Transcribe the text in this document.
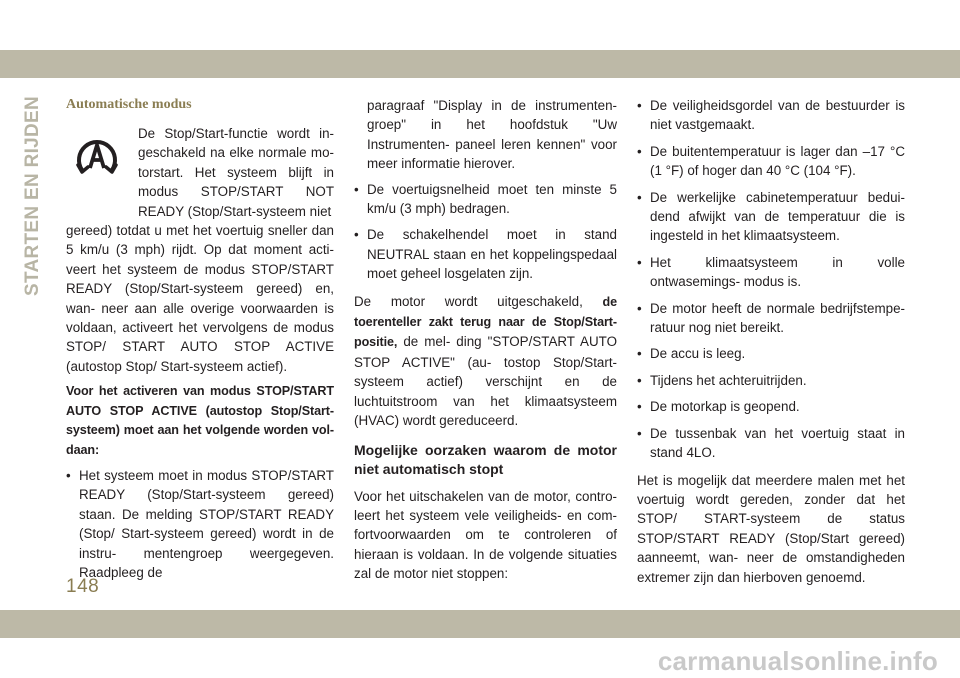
STARTEN EN RIJDEN	Automatische modus
De Stop/Start-functie wordt in- geschakeld na elke normale mo- torstart. Het systeem blijft in modus STOP/START NOT READY (Stop/Start-systeem niet

gereed) totdat u met het voertuig sneller dan 5 km/u (3 mph) rijdt. Op dat moment acti- veert het systeem de modus STOP/START READY (Stop/Start-systeem gereed) en, wan- neer aan alle overige voorwaarden is voldaan, activeert het vervolgens de modus STOP/ START AUTO STOP ACTIVE (autostop Stop/ Start-systeem actief).

Voor het activeren van modus STOP/START AUTO STOP ACTIVE (autostop Stop/Start- systeem) moet aan het volgende worden vol- daan:

• Het systeem moet in modus STOP/START READY (Stop/Start-systeem gereed) staan. De melding STOP/START READY (Stop/ Start-systeem gereed) wordt in de instru- mentengroep weergegeven. Raadpleeg de

paragraaf "Display in de instrumenten- groep" in het hoofdstuk "Uw Instrumenten- paneel leren kennen" voor meer informatie hierover.

• De voertuigsnelheid moet ten minste 5 km/u (3 mph) bedragen.
• De schakelhendel moet in stand NEUTRAL staan en het koppelingspedaal moet geheel losgelaten zijn.

De motor wordt uitgeschakeld, de toerenteller zakt terug naar de Stop/Start-positie, de mel- ding "STOP/START AUTO STOP ACTIVE" (au- tostop Stop/Start-systeem actief) verschijnt en de luchtuitstroom van het klimaatsysteem (HVAC) wordt gereduceerd.

Mogelijke oorzaken waarom de motor niet automatisch stopt

Voor het uitschakelen van de motor, contro- leert het systeem vele veiligheids- en com- fortvoorwaarden om te controleren of hieraan is voldaan. In de volgende situaties zal de motor niet stoppen:

• De veiligheidsgordel van de bestuurder is niet vastgemaakt.
• De buitentemperatuur is lager dan –17 °C (1 °F) of hoger dan 40 °C (104 °F).
• De werkelijke cabinetemperatuur bedui- dend afwijkt van de temperatuur die is ingesteld in het klimaatsysteem.
• Het klimaatsysteem in volle ontwasemings- modus is.
• De motor heeft de normale bedrijfstempe- ratuur nog niet bereikt.
• De accu is leeg.
• Tijdens het achteruitrijden.
• De motorkap is geopend.
• De tussenbak van het voertuig staat in stand 4LO.

Het is mogelijk dat meerdere malen met het voertuig wordt gereden, zonder dat het STOP/ START-systeem de status STOP/START READY (Stop/Start gereed) aanneemt, wan- neer de omstandigheden extremer zijn dan hierboven genoemd.

148
carmanualsonline.info
